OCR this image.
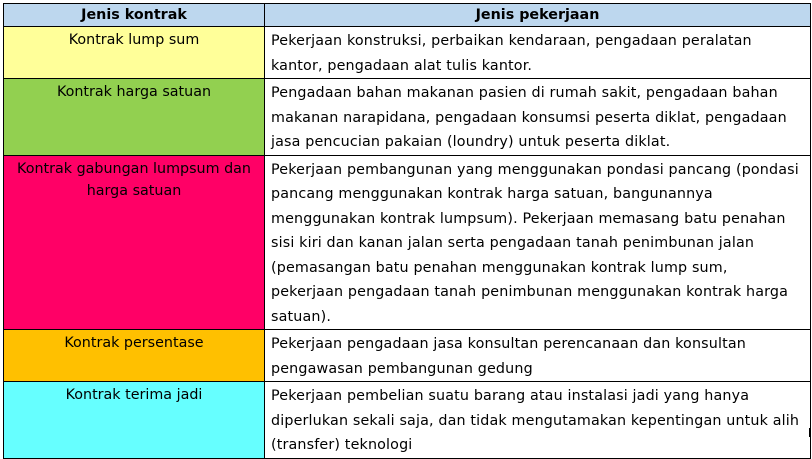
Jenis kontrak	Jenis pekerjaan
Kontrak lump sum	Pekerjaan konstruksi, perbaikan kendaraan, pengadaan peralatan kantor, pengadaan alat tulis kantor.
Kontrak harga satuan	Pengadaan bahan makanan pasien di rumah sakit, pengadaan bahan makanan narapidana, pengadaan konsumsi peserta diklat, pengadaan jasa pencucian pakaian (loundry) untuk peserta diklat.
Kontrak gabungan lumpsum dan harga satuan	Pekerjaan pembangunan yang menggunakan pondasi pancang (pondasi pancang menggunakan kontrak harga satuan, bangunannya menggunakan kontrak lumpsum). Pekerjaan memasang batu penahan sisi kiri dan kanan jalan serta pengadaan tanah penimbunan jalan (pemasangan batu penahan menggunakan kontrak lump sum, pekerjaan pengadaan tanah penimbunan menggunakan kontrak harga satuan).
Kontrak persentase	Pekerjaan pengadaan jasa konsultan perencanaan dan konsultan pengawasan pembangunan gedung
Kontrak terima jadi	Pekerjaan pembelian suatu barang atau instalasi jadi yang hanya diperlukan sekali saja, dan tidak mengutamakan kepentingan untuk alih (transfer) teknologi
